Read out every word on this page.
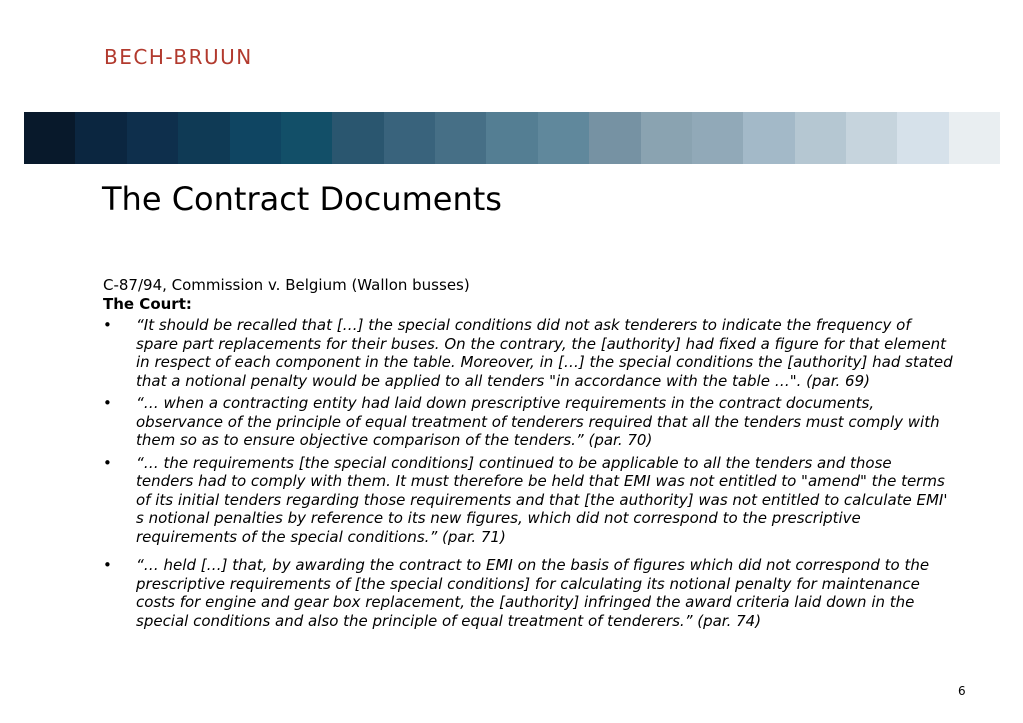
BECH-BRUUN
The Contract Documents

C-87/94, Commission v. Belgium (Wallon busses)

The Court:

• “It should be recalled that […] the special conditions did not ask tenderers to indicate the frequency of spare part replacements for their buses. On the contrary, the [authority] had fixed a figure for that element in respect of each component in the table. Moreover, in […] the special conditions the [authority] had stated that a notional penalty would be applied to all tenders "in accordance with the table …". (par. 69)
• “… when a contracting entity had laid down prescriptive requirements in the contract documents, observance of the principle of equal treatment of tenderers required that all the tenders must comply with them so as to ensure objective comparison of the tenders.” (par. 70)
• “… the requirements [the special conditions] continued to be applicable to all the tenders and those tenders had to comply with them. It must therefore be held that EMI was not entitled to "amend" the terms of its initial tenders regarding those requirements and that [the authority] was not entitled to calculate EMI' s notional penalties by reference to its new figures, which did not correspond to the prescriptive requirements of the special conditions.” (par. 71)
• “… held […] that, by awarding the contract to EMI on the basis of figures which did not correspond to the prescriptive requirements of [the special conditions] for calculating its notional penalty for maintenance costs for engine and gear box replacement, the [authority] infringed the award criteria laid down in the special conditions and also the principle of equal treatment of tenderers.” (par. 74)
6
